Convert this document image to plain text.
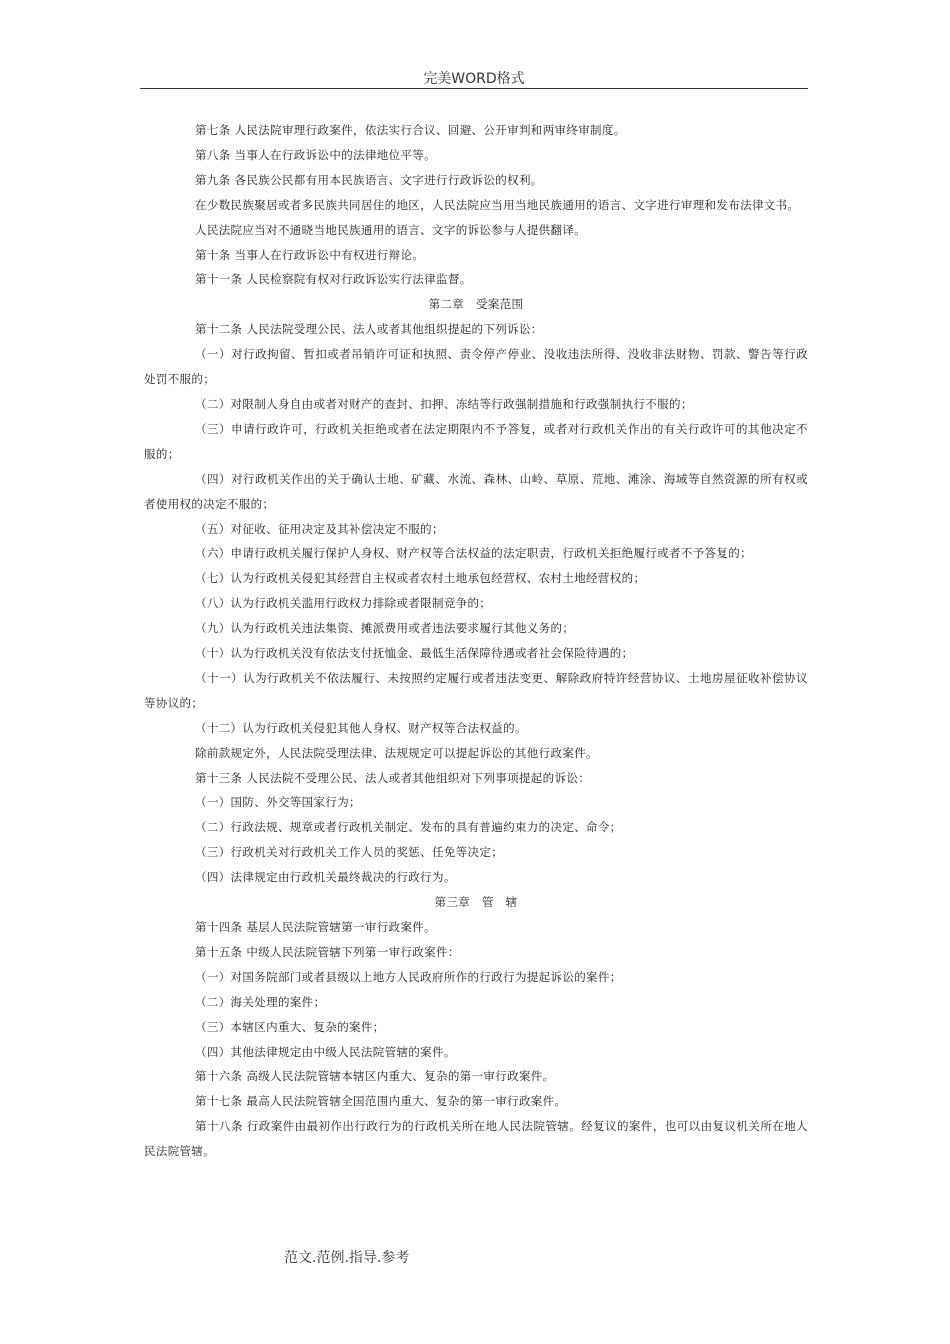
完美WORD格式

第七条 人民法院审理行政案件，依法实行合议、回避、公开审判和两审终审制度。

第八条 当事人在行政诉讼中的法律地位平等。

第九条 各民族公民都有用本民族语言、文字进行行政诉讼的权利。

在少数民族聚居或者多民族共同居住的地区，人民法院应当用当地民族通用的语言、文字进行审理和发布法律文书。

人民法院应当对不通晓当地民族通用的语言、文字的诉讼参与人提供翻译。

第十条 当事人在行政诉讼中有权进行辩论。

第十一条 人民检察院有权对行政诉讼实行法律监督。

第二章　受案范围

第十二条 人民法院受理公民、法人或者其他组织提起的下列诉讼：

（一）对行政拘留、暂扣或者吊销许可证和执照、责令停产停业、没收违法所得、没收非法财物、罚款、警告等行政处罚不服的；

（二）对限制人身自由或者对财产的查封、扣押、冻结等行政强制措施和行政强制执行不服的；

（三）申请行政许可，行政机关拒绝或者在法定期限内不予答复，或者对行政机关作出的有关行政许可的其他决定不服的；

（四）对行政机关作出的关于确认土地、矿藏、水流、森林、山岭、草原、荒地、滩涂、海域等自然资源的所有权或者使用权的决定不服的；

（五）对征收、征用决定及其补偿决定不服的；

（六）申请行政机关履行保护人身权、财产权等合法权益的法定职责，行政机关拒绝履行或者不予答复的；

（七）认为行政机关侵犯其经营自主权或者农村土地承包经营权、农村土地经营权的；

（八）认为行政机关滥用行政权力排除或者限制竞争的；

（九）认为行政机关违法集资、摊派费用或者违法要求履行其他义务的；

（十）认为行政机关没有依法支付抚恤金、最低生活保障待遇或者社会保险待遇的；

（十一）认为行政机关不依法履行、未按照约定履行或者违法变更、解除政府特许经营协议、土地房屋征收补偿协议等协议的；

（十二）认为行政机关侵犯其他人身权、财产权等合法权益的。

除前款规定外，人民法院受理法律、法规规定可以提起诉讼的其他行政案件。

第十三条 人民法院不受理公民、法人或者其他组织对下列事项提起的诉讼：

（一）国防、外交等国家行为；

（二）行政法规、规章或者行政机关制定、发布的具有普遍约束力的决定、命令；

（三）行政机关对行政机关工作人员的奖惩、任免等决定；

（四）法律规定由行政机关最终裁决的行政行为。

第三章　管　辖

第十四条 基层人民法院管辖第一审行政案件。

第十五条 中级人民法院管辖下列第一审行政案件：

（一）对国务院部门或者县级以上地方人民政府所作的行政行为提起诉讼的案件；

（二）海关处理的案件；

（三）本辖区内重大、复杂的案件；

（四）其他法律规定由中级人民法院管辖的案件。

第十六条 高级人民法院管辖本辖区内重大、复杂的第一审行政案件。

第十七条 最高人民法院管辖全国范围内重大、复杂的第一审行政案件。

第十八条 行政案件由最初作出行政行为的行政机关所在地人民法院管辖。经复议的案件，也可以由复议机关所在地人民法院管辖。

范文.范例.指导.参考
